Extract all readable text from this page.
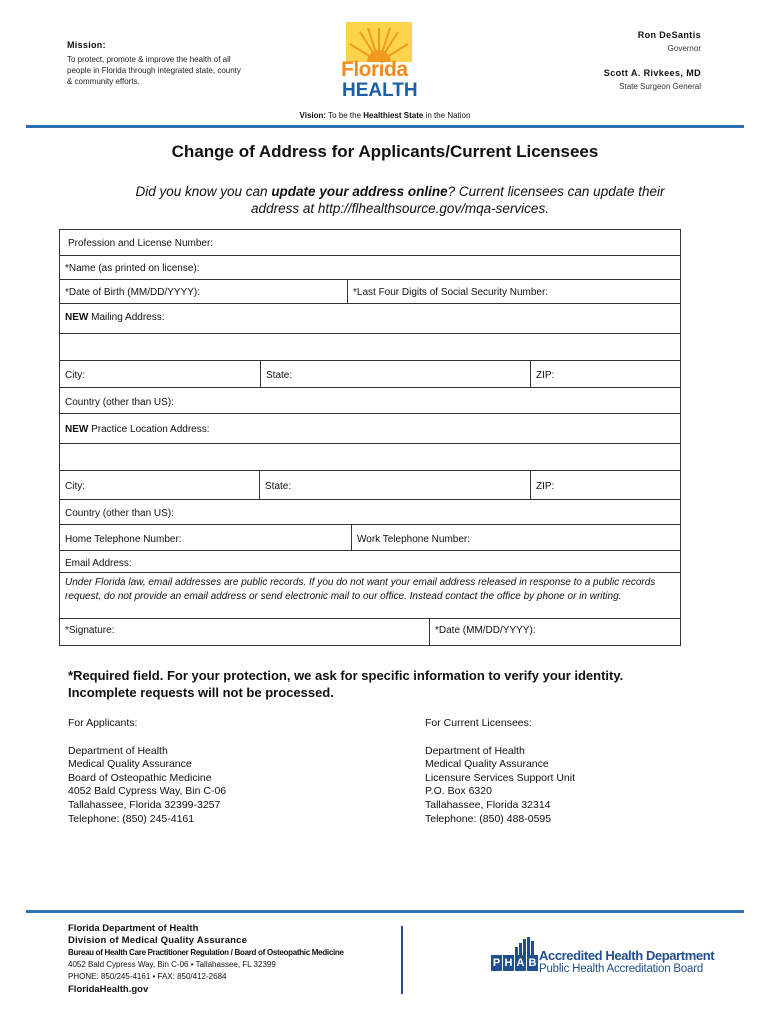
Mission:
To protect, promote & improve the health of all people in Florida through integrated state, county & community efforts.
Florida
HEALTH
Ron DeSantis
Governor
Scott A. Rivkees, MD
State Surgeon General
Vision: To be the Healthiest State in the Nation
Change of Address for Applicants/Current Licensees
Did you know you can update your address online? Current licensees can update their address at http://flhealthsource.gov/mqa-services.
Profession and License Number:
*Name (as printed on license):
*Date of Birth (MM/DD/YYYY):	*Last Four Digits of Social Security Number:
NEW Mailing Address:
City:	State:	ZIP:
Country (other than US):
NEW Practice Location Address:
City:	State:	ZIP:
Country (other than US):
Home Telephone Number:	Work Telephone Number:
Email Address:
Under Florida law, email addresses are public records. If you do not want your email address released in response to a public records request, do not provide an email address or send electronic mail to our office. Instead contact the office by phone or in writing.
*Signature:	*Date (MM/DD/YYYY):
*Required field. For your protection, we ask for specific information to verify your identity. Incomplete requests will not be processed.
For Applicants:
Department of Health
Medical Quality Assurance
Board of Osteopathic Medicine
4052 Bald Cypress Way, Bin C-06
Tallahassee, Florida 32399-3257
Telephone: (850) 245-4161
For Current Licensees:
Department of Health
Medical Quality Assurance
Licensure Services Support Unit
P.O. Box 6320
Tallahassee, Florida 32314
Telephone: (850) 488-0595
Florida Department of Health
Division of Medical Quality Assurance
Bureau of Health Care Practitioner Regulation / Board of Osteopathic Medicine
4052 Bald Cypress Way, Bin C-06 • Tallahassee, FL 32399
PHONE: 850/245-4161 • FAX: 850/412-2684
FloridaHealth.gov
P H A B Accredited Health Department
Public Health Accreditation Board
